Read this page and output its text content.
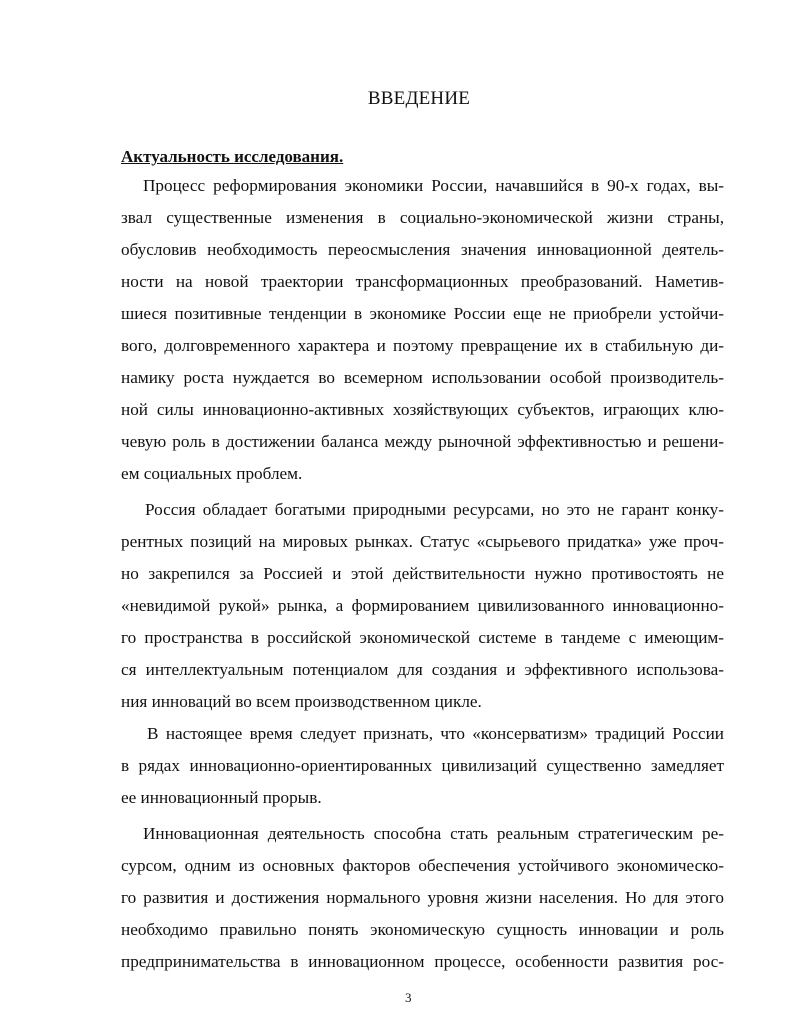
ВВЕДЕНИЕ

Актуальность исследования.

Процесс реформирования экономики России, начавшийся в 90-х годах, вы-

звал существенные изменения в социально-экономической жизни страны,

обусловив необходимость переосмысления значения инновационной деятель-

ности на новой траектории трансформационных преобразований. Наметив-

шиеся позитивные тенденции в экономике России еще не приобрели устойчи-

вого, долговременного характера и поэтому превращение их в стабильную ди-

намику роста нуждается во всемерном использовании особой производитель-

ной силы инновационно-активных хозяйствующих субъектов, играющих клю-

чевую роль в достижении баланса между рыночной эффективностью и решени-

ем социальных проблем.

Россия обладает богатыми природными ресурсами, но это не гарант конку-

рентных позиций на мировых рынках. Статус «сырьевого придатка» уже проч-

но закрепился за Россией и этой действительности нужно противостоять не

«невидимой рукой» рынка, а формированием цивилизованного инновационно-

го пространства в российской экономической системе в тандеме с имеющим-

ся интеллектуальным потенциалом для создания и эффективного использова-

ния инноваций во всем производственном цикле.

В настоящее время следует признать, что «консерватизм» традиций России

в рядах инновационно-ориентированных цивилизаций существенно замедляет

ее инновационный прорыв.

Инновационная деятельность способна стать реальным стратегическим ре-

сурсом, одним из основных факторов обеспечения устойчивого экономическо-

го развития и достижения нормального уровня жизни населения. Но для этого

необходимо правильно понять экономическую сущность инновации и роль

предпринимательства в инновационном процессе, особенности развития рос-

3
